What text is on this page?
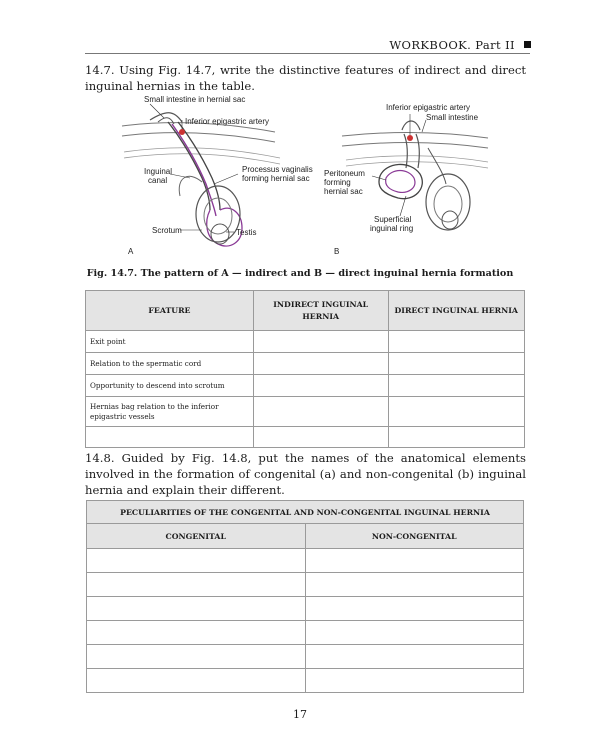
WORKBOOK. Part II
14.7. Using Fig. 14.7, write the distinctive features of indirect and direct inguinal hernias in the table.
Small intestine in hernial sac
Inferior epigastric artery
Inguinal
canal
Processus vaginalis
forming hernial sac
Scrotum	Testis
A
Inferior epigastric artery
Small intestine
Peritoneum
forming
hernial sac
Superficial
inguinal ring
B
Fig. 14.7. The pattern of A — indirect and B — direct inguinal hernia formation
FEATURE	INDIRECT INGUINAL HERNIA	DIRECT INGUINAL HERNIA
Exit point		
Relation to the spermatic cord		
Opportunity to descend into scrotum		

Hernias bag relation to the inferior epigastric vessels		

14.8. Guided by Fig. 14.8, put the names of the anatomical elements involved in the formation of congenital (a) and non-congenital (b) inguinal hernia and explain their different.
PECULIARITIES OF THE CONGENITAL AND NON-CONGENITAL INGUINAL HERNIA	
CONGENITAL	NON-CONGENITAL

17
